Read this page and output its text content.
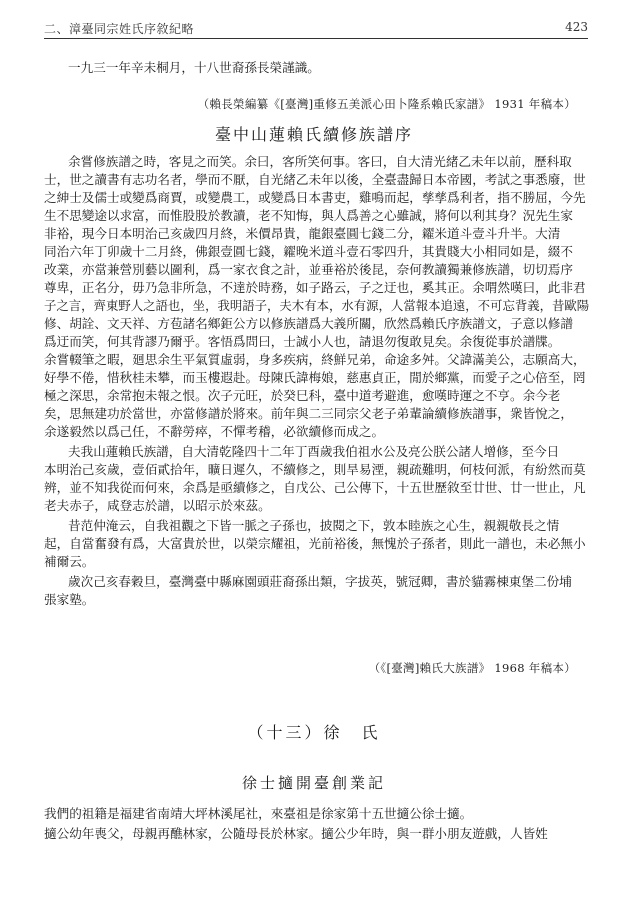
二、漳臺同宗姓氏序敘紀略	423
一九三一年辛未桐月，十八世裔孫長榮謹識。
（賴長榮編纂《[臺灣]重修五美派心田卜隆系賴氏家譜》 1931 年稿本）
臺中山蓮賴氏續修族譜序
余嘗修族譜之時，客見之而笑。余曰，客所笑何事。客曰，自大清光緒乙未年以前，歷科取
士，世之讀書有志功名者，學而不厭，自光緒乙未年以後，全臺盡歸日本帝國，考試之事悉廢，世
之紳士及儒士或變爲商賈，或變農工，或變爲日本書吏，雞鳴而起，孳孳爲利者，指不勝屈，今先
生不思變途以求富，而惟股股於教讀，老不知悔，與人爲善之心雖誠，將何以利其身？況先生家
非裕，現今日本明治己亥歲四月終，米價昂貴，龍銀臺圓七錢二分，糴米道斗壹斗升半。大清
同治六年丁卯歲十二月終，佛銀壹圓七錢，糴晚米道斗壹石零四升，其貴賤大小相同如是，綴不
改業，亦當兼營別藝以圖利，爲一家衣食之計，並垂裕於後昆，奈何教讀獨兼修族譜，切切焉序
尊卑，正名分，毋乃急非所急，不達於時務，如子路云，子之迂也，奚其正。余喟然嘆曰，此非君
子之言，齊東野人之語也，坐，我明語子，夫木有本，水有源，人當報本追遠，不可忘背義，昔歐陽
修、胡詮、文天祥、方苞諸名鄉鉅公方以修族譜爲大義所關，欣然爲賴氏序族譜文，子意以修譜
爲迂而笑，何其背謬乃爾乎。客悟爲問曰，士誠小人也，請退勿復敢見矣。余復從事於譜牒。
余嘗輟筆之暇，廻思余生平氣質虛弱，身多疾病，終鮮兄弟，命途多舛。父諱滿美公，志願高大，
好學不倦，惜秋桂未攀，而玉樓遐赴。母陳氏諱梅娘，慈惠貞正，閒於鄉黨，而愛子之心倍至，罔
極之深思，余常抱未報之恨。次子元旺，於癸巳科，臺中道考避進，愈嘆時運之不亨。余今老
矣，思無建功於當世，亦當修譜於將來。前年與二三同宗父老子弟輩論續修族譜事，衆皆悅之，
余遂毅然以爲己任，不辭勞瘁，不憚考稽，必欲續修而成之。
夫我山蓮賴氏族譜，自大清乾隆四十二年丁酉歲我伯祖水公及亮公朕公諸人增修，至今日
本明治己亥歲，壹佰貳拾年，曠日遲久，不續修之，則旱易湮，親疏難明，何枝何派，有紛然而莫
辨，並不知我從而何來，余爲是亟續修之，自戊公、己公傳下，十五世歷敘至廿世、廿一世止，凡
老夫赤子，咸登志於譜，以昭示於來茲。
昔范仲淹云，自我祖觀之下皆一脈之子孫也，披閱之下，敦本睦族之心生，親親敬長之情
起，自當奮發有爲，大富貴於世，以榮宗耀祖，光前裕後，無愧於子孫者，則此一譜也，未必無小
補爾云。
歲次己亥春穀旦，臺灣臺中縣麻園頭莊裔孫出類，字拔英，號冠卿，書於貓霧棟東堡二份埔
張家塾。
（《[臺灣]賴氏大族譜》 1968 年稿本）
（十三）徐　氏
徐士擿開臺創業記
我們的祖籍是福建省南靖大坪林溪尾社，來臺祖是徐家第十五世擿公徐士擿。
擿公幼年喪父，母親再醮林家，公隨母長於林家。擿公少年時，與一群小朋友遊戲，人皆姓
